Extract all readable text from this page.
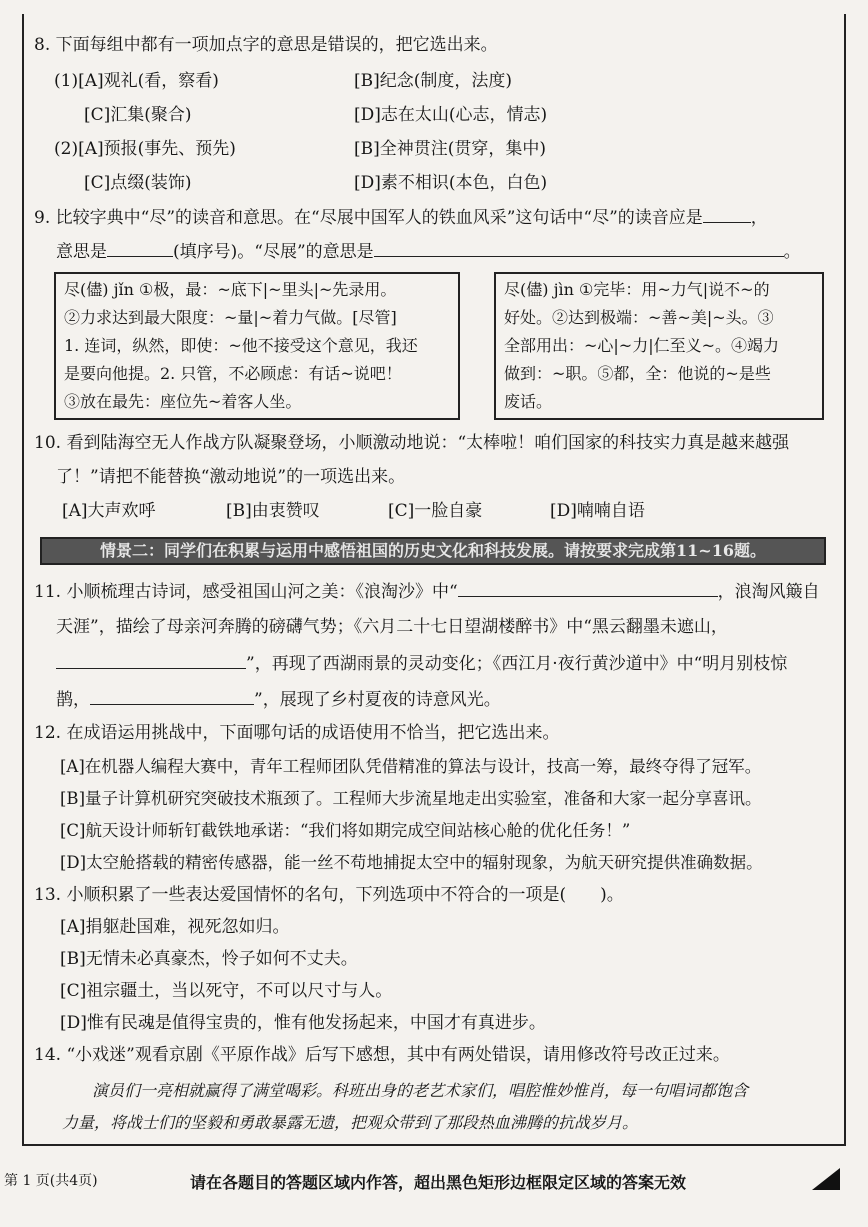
8. 下面每组中都有一项加点字的意思是错误的，把它选出来。
(1)[A]观礼(看，察看)	[B]纪念(制度，法度)
[C]汇集(聚合)	[D]志在太山(心志，情志)
(2)[A]预报(事先、预先)	[B]全神贯注(贯穿，集中)
[C]点缀(装饰)	[D]素不相识(本色，白色)
9. 比较字典中“尽”的读音和意思。在“尽展中国军人的铁血风采”这句话中“尽”的读音应是	，
意思是	(填序号)。“尽展”的意思是	。
尽(儘) jǐn ①极，最：~底下|~里头|~先录用。
②力求达到最大限度：~量|~着力气做。[尽管]
1. 连词，纵然，即使：~他不接受这个意见，我还
是要向他提。2. 只管，不必顾虑：有话~说吧！
③放在最先：座位先~着客人坐。
尽(儘) jìn ①完毕：用~力气|说不~的
好处。②达到极端：~善~美|~头。③
全部用出：~心|~力|仁至义~。④竭力
做到：~职。⑤都，全：他说的~是些
废话。
10. 看到陆海空无人作战方队凝聚登场，小顺激动地说：“太棒啦！咱们国家的科技实力真是越来越强
了！”请把不能替换“激动地说”的一项选出来。
[A]大声欢呼	[B]由衷赞叹	[C]一脸自豪	[D]喃喃自语
情景二：同学们在积累与运用中感悟祖国的历史文化和科技发展。请按要求完成第11~16题。
11. 小顺梳理古诗词，感受祖国山河之美：《浪淘沙》中“	，浪淘风簸自
天涯”，描绘了母亲河奔腾的磅礴气势；《六月二十七日望湖楼醉书》中“黑云翻墨未遮山，
”，再现了西湖雨景的灵动变化；《西江月·夜行黄沙道中》中“明月别枝惊
鹊，	”，展现了乡村夏夜的诗意风光。
12. 在成语运用挑战中，下面哪句话的成语使用不恰当，把它选出来。
[A]在机器人编程大赛中，青年工程师团队凭借精准的算法与设计，技高一筹，最终夺得了冠军。
[B]量子计算机研究突破技术瓶颈了。工程师大步流星地走出实验室，准备和大家一起分享喜讯。
[C]航天设计师斩钉截铁地承诺：“我们将如期完成空间站核心舱的优化任务！”
[D]太空舱搭载的精密传感器，能一丝不苟地捕捉太空中的辐射现象，为航天研究提供准确数据。
13. 小顺积累了一些表达爱国情怀的名句，下列选项中不符合的一项是(　　)。
[A]捐躯赴国难，视死忽如归。
[B]无情未必真豪杰，怜子如何不丈夫。
[C]祖宗疆土，当以死守，不可以尺寸与人。
[D]惟有民魂是值得宝贵的，惟有他发扬起来，中国才有真进步。
14. “小戏迷”观看京剧《平原作战》后写下感想，其中有两处错误，请用修改符号改正过来。
演员们一亮相就赢得了满堂喝彩。科班出身的老艺术家们，唱腔惟妙惟肖，每一句唱词都饱含
力量，将战士们的坚毅和勇敢暴露无遗，把观众带到了那段热血沸腾的抗战岁月。
第 1 页(共4页)	请在各题目的答题区域内作答，超出黑色矩形边框限定区域的答案无效
